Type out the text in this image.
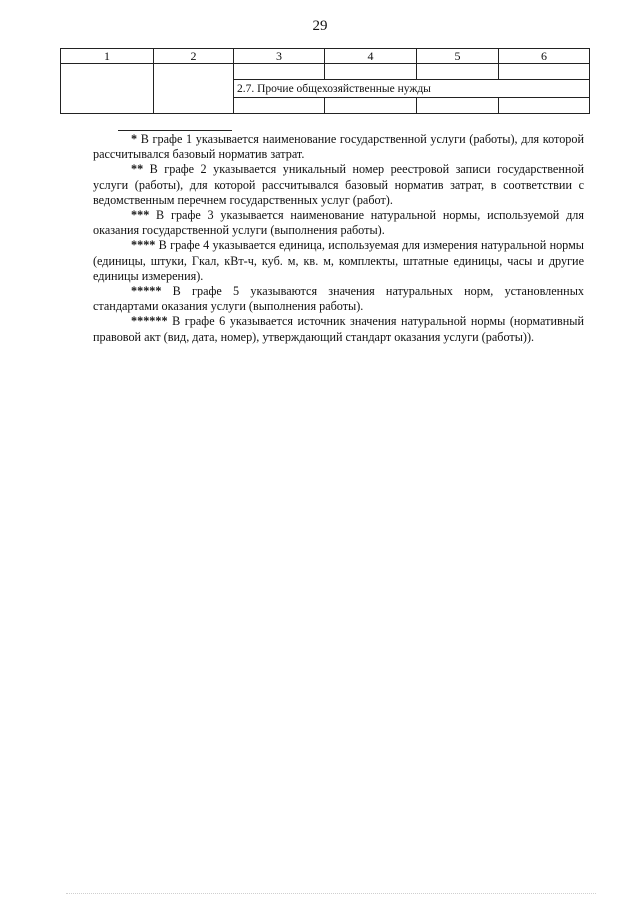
29
1	2	3	4	5	6

		2.7. Прочие общехозяйственные нужды			

* В графе 1 указывается наименование государственной услуги (работы), для которой рассчитывался базовый норматив затрат.

** В графе 2 указывается уникальный номер реестровой записи государственной услуги (работы), для которой рассчитывался базовый норматив затрат, в соответствии с ведомственным перечнем государственных услуг (работ).

*** В графе 3 указывается наименование натуральной нормы, используемой для оказания государственной услуги (выполнения работы).

**** В графе 4 указывается единица, используемая для измерения натуральной нормы (единицы, штуки, Гкал, кВт-ч, куб. м, кв. м, комплекты, штатные единицы, часы и другие единицы измерения).

***** В графе 5 указываются значения натуральных норм, установленных стандартами оказания услуги (выполнения работы).

****** В графе 6 указывается источник значения натуральной нормы (нормативный правовой акт (вид, дата, номер), утверждающий стандарт оказания услуги (работы)).
